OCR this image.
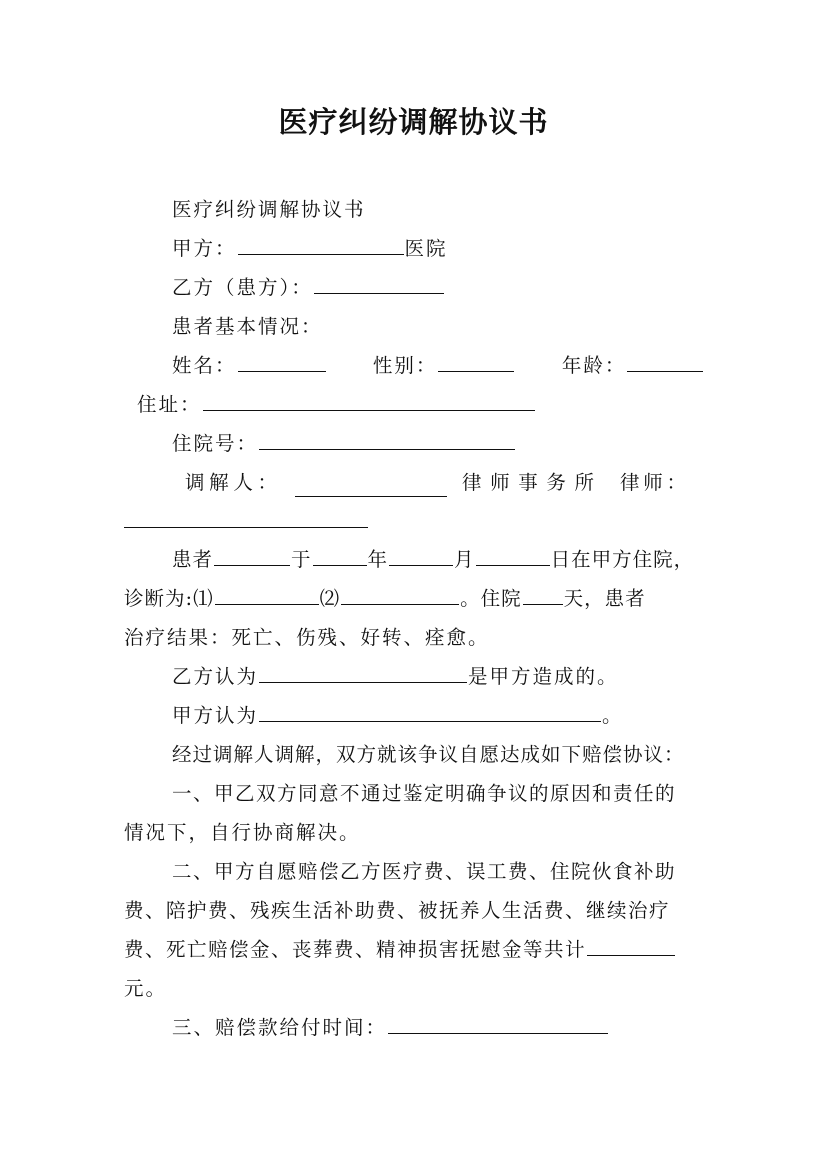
医疗纠纷调解协议书
医疗纠纷调解协议书
甲方：	医院
乙方（患方）：
患者基本情况：
姓名：	性别：	年龄：
住址：
住院号：
调 解 人 ：	律 师 事 务 所 律 师 ：
患者	于	年	月	日在甲方住院，
诊断为:⑴	⑵	。住院 天，患者
治疗结果：死亡、伤残、好转、痊愈。
乙方认为	是甲方造成的。
甲方认为	。
经过调解人调解，双方就该争议自愿达成如下赔偿协议：
一、甲乙双方同意不通过鉴定明确争议的原因和责任的
情况下，自行协商解决。
二、甲方自愿赔偿乙方医疗费、误工费、住院伙食补助
费、陪护费、残疾生活补助费、被抚养人生活费、继续治疗
费、死亡赔偿金、丧葬费、精神损害抚慰金等共计
元。
三、赔偿款给付时间：
